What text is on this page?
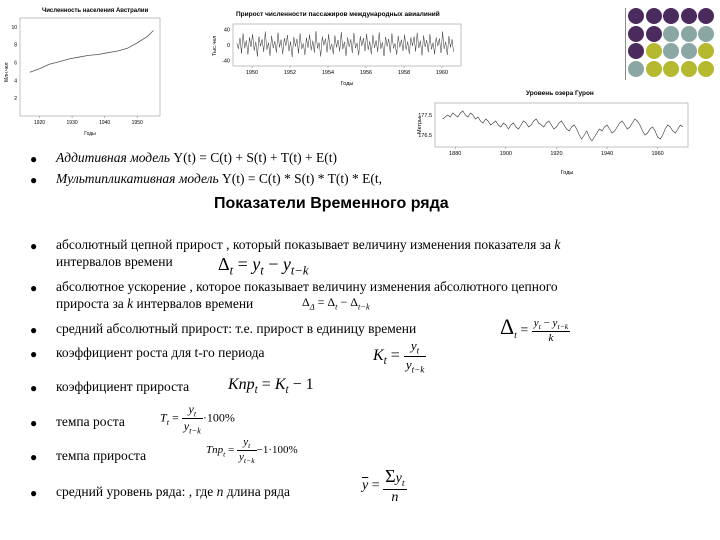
Численность населения Австралии
Млн.чел
10
8
6
4
2
1920	1930	1940	1950
Годы
Прирост численности пассажиров международных авиалиний
Тыс.чел
40
0
-40
1950	1952	1954	1956	1958	1960
Годы
Уровень озера Гурон
Метры
177.5
176.5
1880	1900	1920	1940	1960
Годы
● Аддитивная модель Y(t) = C(t) + S(t) + T(t) + E(t)
● Мультипликативная модель Y(t) = C(t) * S(t) * T(t) * E(t,
Показатели Временного ряда
● абсолютный цепной прирост , который показывает величину изменения показателя за k
интервалов времени	$\Delta_t = y_t - y_{t-k}$
● абсолютное ускорение , которое показывает величину изменения абсолютного цепного
прироста за k интервалов времени	$\Delta_\Delta = \Delta_t - \Delta_{t-k}$
● средний абсолютный прирост: т.е. прирост в единицу времени	$\Delta_t = \frac{y_t - y_{t-k}}{k}$
● коэффициент роста для t-го периода	$K_t = \frac{y_t}{y_{t-k}}$
● коэффициент прироста $Kпр_t = K_t - 1$
● темпа роста	$T_t = \frac{y_t}{y_{t-k}} \cdot 100\%$
● темпа прироста	$Tпр_t = \frac{y_t}{y_{t-k}} -1\cdot 100\%$
● средний уровень ряда: , где n длина ряда	$\overline{y} = \frac{\Sigma y_t}{n}$
